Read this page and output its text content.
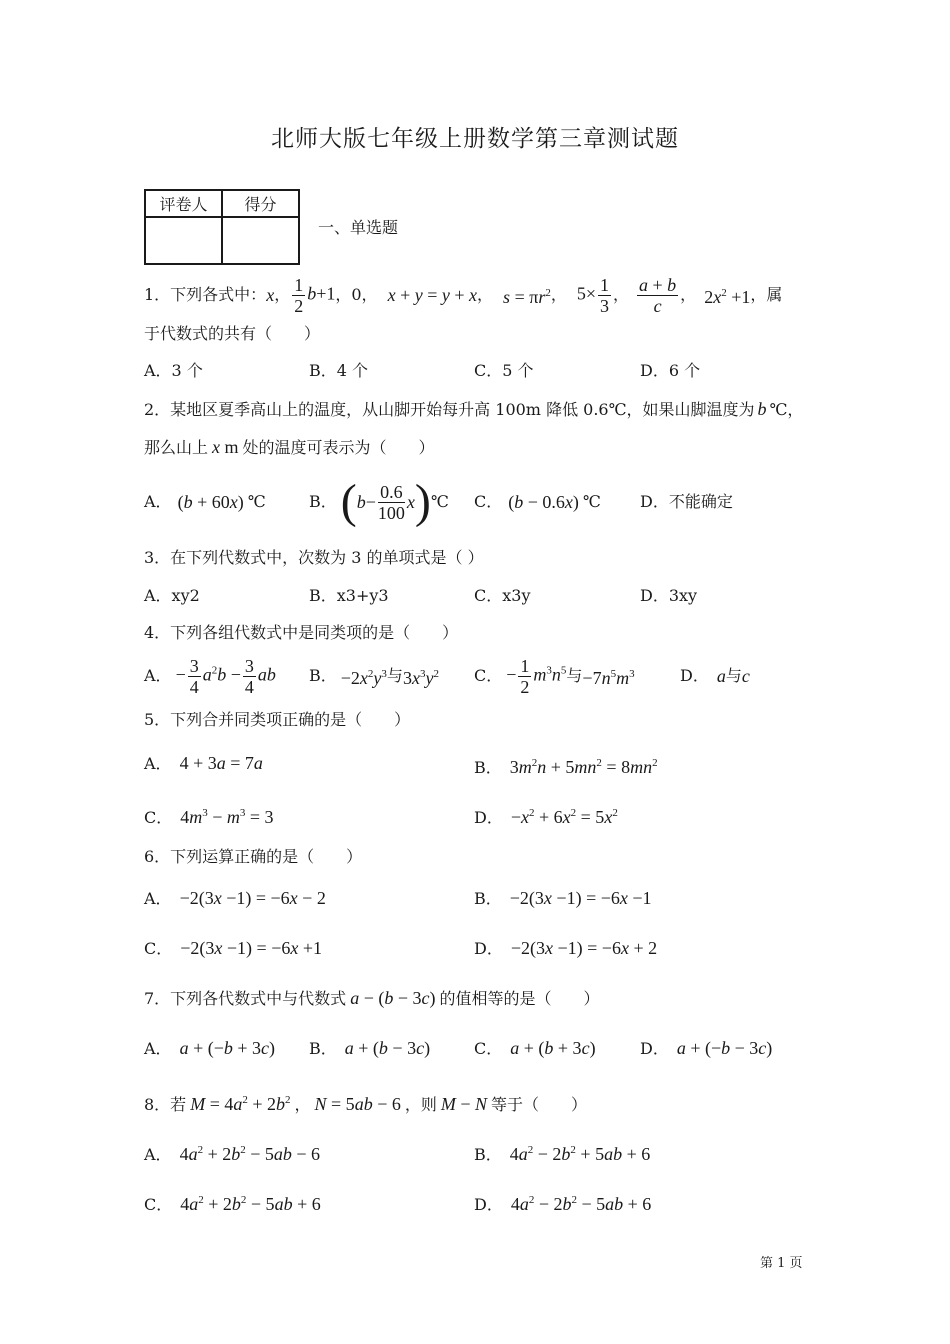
北师大版七年级上册数学第三章测试题
评卷人	得分

一、单选题
1．下列各式中： x ， $\frac{1}{2} b+1$ ， 0， x + y = y + x ， $s = \pi r^2$ ， $5\times \frac{1}{3}$ ， $\frac{a + b}{c}$ ， $2x^2 +1$ ，属
于代数式的共有（　　）
A．3 个	B．4 个	C．5 个	D．6 个
2．某地区夏季高山上的温度，从山脚开始每升高 100m 降低 0.6℃，如果山脚温度为 b ℃，
那么山上 x m 处的温度可表示为（　　）
A． (b + 60x) ℃	B． ( $b - \frac{0.6}{100}$ x ) ℃ C． (b − 0.6x) ℃ D．不能确定
3．在下列代数式中，次数为 3 的单项式是（ ）
A．xy2	B．x3+y3	C．x3y	D．3xy
4．下列各组代数式中是同类项的是（　　）
A． − $\frac{3}{4} a^2b - \frac{3}{4}$ ab B． $-2x^2y^3$ 与 $3x^3y^2$ C． − $\frac{1}{2} m^3n^5$ 与 $-7n^5m^3$	D． a 与 c
5．下列合并同类项正确的是（　　）
A． 4 + 3a = 7a	B． $3m^2n + 5mn^2 = 8mn^2$
C． $4m^3 - m^3 = 3$	D． $-x^2 + 6x^2 = 5x^2$
6．下列运算正确的是（　　）
A． −2(3x −1) = −6x − 2	B． −2(3x −1) = −6x −1
C． −2(3x −1) = −6x +1	D． −2(3x −1) = −6x + 2
7．下列各代数式中与代数式 a − (b − 3c) 的值相等的是（　　）
A． a + (−b + 3c) B． a + (b − 3c)	C． a + (b + 3c)	D． a + (−b − 3c)
8．若 $M = 4a^2 + 2b^2$ ， N = 5ab − 6 ，则 M − N 等于（　　）
A． $4a^2 + 2b^2 - 5ab - 6$	B． $4a^2 - 2b^2 + 5ab + 6$
C． $4a^2 + 2b^2 - 5ab + 6$	D． $4a^2 - 2b^2 - 5ab + 6$
第 1 页
